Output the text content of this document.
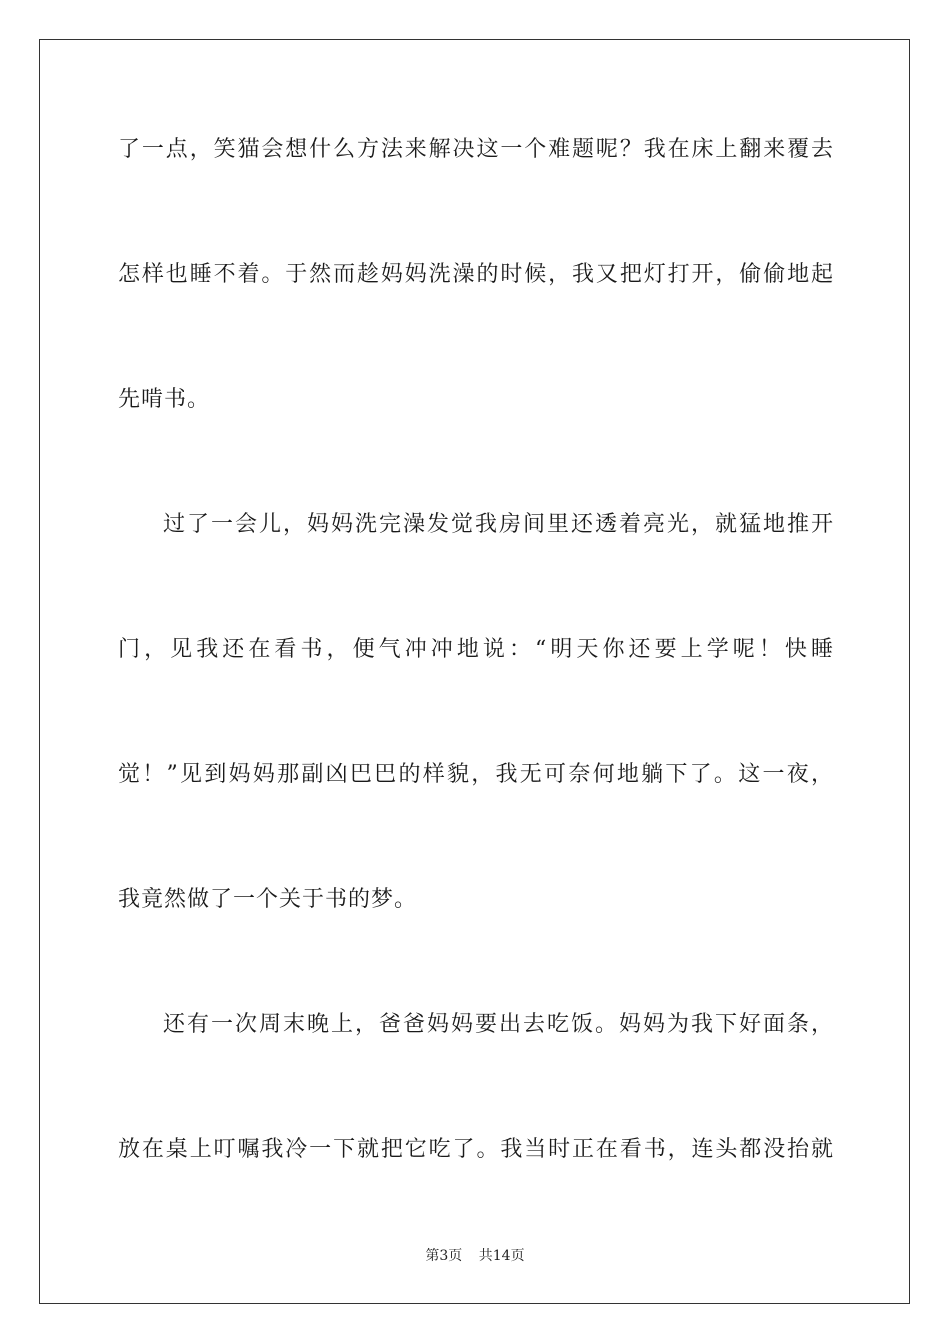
了一点，笑猫会想什么方法来解决这一个难题呢？我在床上翻来覆去
怎样也睡不着。于然而趁妈妈洗澡的时候，我又把灯打开，偷偷地起
先啃书。
过了一会儿，妈妈洗完澡发觉我房间里还透着亮光，就猛地推开
门，见我还在看书，便气冲冲地说：“明天你还要上学呢！快睡
觉！”见到妈妈那副凶巴巴的样貌，我无可奈何地躺下了。这一夜，
我竟然做了一个关于书的梦。
还有一次周末晚上，爸爸妈妈要出去吃饭。妈妈为我下好面条，
放在桌上叮嘱我冷一下就把它吃了。我当时正在看书，连头都没抬就
第3页 共14页
